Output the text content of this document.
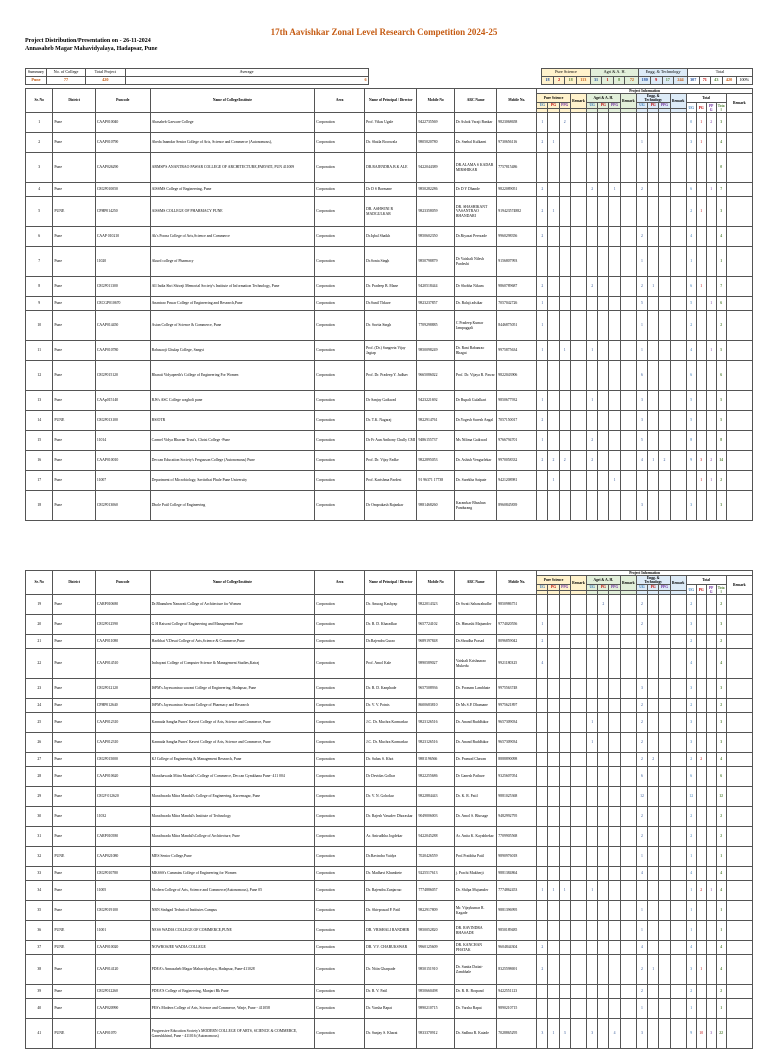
17th Aavishkar Zonal Level Research Competition 2024-25
Project Distribution/Presentation on - 26-11-2024
Annasaheb Magar Mahavidyalaya, Hadapsar, Pune
Summary	No. of College	Total Project	Average		Pure Science				Agri & A. H.				Engg. & Technology				Total				
Pune	77	420	6		18	2	18	113	31	1	8	72	180	9	17	244	307	71	43	420	100%
Sr. No	District	Puncode	Name of College/Institute	Area	Name of Principal / Director	Mobile No	ARC Name	Mobile No.	Project Information																
									Pure Science			Remark	Agri & A. H.			Remark	Engg. & Technology			Remark	Total				Remark
									UG	PG	PPG		UG	PG	PPG		UG	PG	PPG		UG	PG	PPG	Total	

1	Pune	CAAP010040	Abasaheb Garware College	Corporation	Prof. Vikas Ugale	9422735569	Dr Ashok Varaji Bankar	9823068658	1		2										0	1	2	3	
2	Pune	CAAP010790	Abeda Inamdar Senior College of Arts, Science and Commerce (Autonomous),	Corporation	Dr. Shaila Boorwala	9805020780	Dr. Snehal Kulkarni	9730656116	2	1							1				3	1		4	
3	Pune	CAAP026290	ABMSP'S ANANTRAO PAWAR COLLEGE OF ARCHITECTURE,PARVATI, PUN 411009	Corporation	DR.RAJENDRA.B.K ALE	9422044389	DR.ALAMA S KADAR MIRSHIKAR	7757815486																0	
4	Pune	CEGP010050	AISSMS College of Engineering, Pune	Corporation	Dr D S Bormane	9850282286	Dr D Y Dhande	9822089051	2				2		1		2				6		1	7	
5	PUNE	CPHP014250	AISSMS COLLEGE OF PHARMACY PUNE	Corporation	DR. ASHWINI R MADGULKAR	9823358059	DR. SHASHIKANT VASANTRAO BHANDARI	919423574882	2	1											2	1		3	
6	Pune	CAAP 010210	Ak's Poona College of Arts,Science and Commerce	Corporation	Dr.Iqbal Shaikh	9850602350	Dr.Riyazat Peerzade	9960298356	2								2				4			4	
7	Pune	11020	Akurd college of Pharmacy	Corporation	Dr.Sonia Singh	9850798879	Dr Vaishali Nilesh Pardeshi	9156807993									1				1			1	
8	Pune	CEGP011300	All India Shri Shivaji Memorial Society's Institute of Information Technology, Pune	Corporation	Dr. Pradeep B. Mane	9420518444	Dr Shobha Nikam	9860789687	2				2				2	1			6	1		7	
9	Pune	CECGP010670	Anantrao Pawar College of Engineering and Research,Pune	Corporation	Dr.Sunil Thkare	9823237857	Dr. Balaji adsikar	7057042726	1								5				5		1	6	
10	Pune	CAAP014450	Asian College of Science & Commerce, Pune	Corporation	Dr. Savita Singh	7709298885	C Pradeep Kumar Jampaggali	8446875051	1								1				2			2	
11	Pune	CAAP010780	Bahusaoji Ghulap College, Sangvi	Corporation	Prof. (Dr.) Sangeeta Vijay Jagtap	9850098249	Dr. Rani Babanrao Bhagat	9975875634	1		1		1				1				4		1	5	
12	Pune	CEGP015120	Bharati Vidyapeeth's College of Engineering For Women	Corporation	Prof. Dr. Pradeep Y. Jadhav	9665086022	Prof. Dr. Vijaya R. Pawar	9822043906									6				6			6	
13	Pune	CAAp015140	BJS's ASC College wagholi pune	Corporation	Dr Sanjay Gaikwad	9423221692	Dr Rupali Gulalkari	9850677932	1				1				3				5			5	
14	PUNE	CEGP013100	BSIOTR	Corporation	Dr. T.K. Nagaraj	9822914761	Dr.Yogesh Suresh Angal	7057150017	2								3				5			5	
15	Pune	11014	Carmel Vidya Bhavan Trust's, Christ College -Pune	Corporation	Dr Fr Aun Anthony Chully CMI	9486155737	Ms Nilima Gaikwad	9766794701	1				2				5				8			8	
16	Pune	CAAP010010	Deccan Education Society's Fergusson College (Autonomous) Pune	Corporation	Prof. Dr. Vijay Fadke	9822895053	Dr. Ashish Vengurlekar	9970058332	2	2	2		2				4	1	2		9	3	2	14	
17	Pune	11007	Department of Microbiology, Savitribai Phule Pune University	Corporation	Prof. Karishma Pardesi	91 96371 17738	Dr. Surekha Satpute	9421208981		1					1							1	1	2	
18	Pune	CEGP013060	Dhole Patil College of Engineering	Corporation	Dr Omprakash Rajankar	9881468260	Karanrkar Bhushan Pandurang	8960845839									3				3			3	
Sr. No	District	Puncode	Name of College/Institute	Area	Name of Principal / Director	Mobile No	ARC Name	Mobile No.	Project Information																
									Pure Science			Remark	Agri & A. H.			Remark	Engg. & Technology			Remark	Total				Remark
									UG	PG	PPG		UG	PG	PPG		UG	PG	PPG		UG	PG	PPG	Total	

19	Pune	CARP010680	Dr.Bhanuben Nanavati College of Architecture for Women	Corporation	Dr. Anurag Kashyap	9822014323	Dr Swati Sahasrabudhe	9850986751						2			2				2			2	
20	Pune	CEGP012590	G H Raisoni College of Engineering and Management Pune	Corporation	Dr. R. D. Kharadkar	9657724102	Dr. Himashi Majumder	9774020556	1								2				3			3	
21	Pune	CAAP011080	Haribhai V.Desai College of Arts,Science & Commerce,Pune	Corporation	Dr.Rajendra Gurao	9689197848	Dr.Shradha Prasad	8096859042	2												2			2	
22	Pune	CAAP014510	Indrayani College of Computer Science & Management Studies,Katraj	Corporation	Prof. Amol Kale	9890589027	Vaishali Krishnarao Mukedu	9921180325	4												4			4	
23	Pune	CEGP012120	ISPM's Jayawantrao sawant College of Engineering, Hadapsar, Pune	Corporation	Dr. R. D. Kanphade	9657508936	Dr. Poonam Lambhate	9975563748									3				3			3	
24	Pune	CPHP012640	ISPM's Jayawantrao Sawant College of Pharmacy and Research	Corporation	Dr. V. V. Potnis	8600683810	Dr Ms S.P. Dhamane	9975621897									2				2			2	
25	Pune	CAAP012310	Kannada Sangha Punes' Kaveri College of Arts, Science and Commerce, Pune	Corporation	J.C. Dr. Muchra Karmarkar	9823126516	Dr. Anand Buddhikor	9657309034					1				2				3			3	
26	Pune	CAAP012310	Kannada Sangha Punes' Kaveri College of Arts, Science and Commerce, Pune	Corporation	J.C. Dr. Muchra Karmarkar	9823126516	Dr. Anand Buddhikor	9657309034					1				2				3			3	
27	Pune	CEGP015000	KJ College of Engineering & Management Research, Pune	Corporation	Dr. Suhas S. Khot	9881196566	Dr. Pramod Chavan	8888890098									2	2			2	2		4	
28	Pune	CAAP010620	Marathawada Mitra Mandal's College of Commerce, Deccan Gymkhana Pune- 411 004	Corporation	Dr Devidas Golhar	9822255686	Dr Ganesh Pathare	9325607054									6				6			6	
29	Pune	CEGP 012620	Marathwada Mitra Mandal's College of Engineering, Karvenagar, Pune	Corporation	Dr. V. N. Gohokar	9822884443	Dr. K. R. Patil	9881025368									12				12			12	
30	Pune	11032	Marathwada Mitra Mandal's Institute of Technology	Corporation	Dr. Rajesh Vasudev Dhoraskar	9049006003	Dr. Amol S. Bhosage	9482992795									2				2			2	
31	Pune	CARP010580	Marathwada Mitra Mandal'sCollege of Architecture, Pune	Corporation	Ar. Anirudhha Jogdekar	9422045288	Ar. Anita K. Kayabhekar	7709905568									2				2			2	
32	PUNE	CAAP021080	MES Senior College,Pune	Corporation	Dr.Ravindra Vaidya	7020426559	Prof.Pratibha Patil	9890976018									1				1			1	
33	Pune	CEGP010780	MKSSS's Cummins College of Engineering for Women	Corporation	Dr. Madhavi Khambete	9225517613	j. Prachi Mukherji	9881384864									4				4			4	
34	Pune	11005	Modern College of Arts, Science and Commerce(Autonomous), Pune 05	Corporation	Dr. Rajendra Zunjarrao	7774886057	Dr. Shilpa Mujumder	7774862453	1	1	1		1								1	2	1	4	
35	Pune	CEGP019100	NBN Sinhgad Technical Institutes Campus	Corporation	Dr. Shivprasad P. Patil	9822917809	Mr. Vijaykumar R. Kagade	9881396995									1				1			1	
36	PUNE	11001	NESS WADIA COLLEGE OF COMMERCE,PUNE	Corporation	DR. VRISHALI RANDHIR	9850052820	DR. RAVINDRA BHASADE	9850189485									1				1			1	
37	PUNE	CAAP010020	NOWROSJEE WADIA COLLEGE	Corporation	DR. V.V. CHABUKSWAR	9960125609	DR. KANCHAN PHATAK	9604844304	2								4				4			4	
38	Pune	CAAP014120	PDEA's Annasaheb Magar Mahavidyalaya, Hadapsar, Pune-411028	Corporation	Dr. Nitin Gharpade	9850151910	Dr. Sunita Dattat-Zambhale	8325598691	2								2	1			3	1		4	
39	Pune	CEGP012260	PDEA'S College of Engineering, Manjari Bk Pune	Corporation	Dr. R. V. Patil	9850660498	Dr. R. R. Borpand	9422551123									2				2			2	
40	Pune	CAAP020990	PES's Modern College of Arts, Science and Commerce, Warje, Pune - 411058	Corporation	Dr. Varsha Bapat	9890210715	Dr. Varsha Bapat	9890210715									1				1			1	
41	PUNE	CAAP01070	Progressive Education Society's MODERN COLLEGE OF ARTS, SCIENCE & COMMERCE, Ganeshkhind, Pune - 411016 (Autonomous)	Corporation	Dr. Sanjay S. Kharat	9833370912	Dr. Sadhna R. Katade	7028865295	3	1	3		3		4		3				9	10	3	22	
